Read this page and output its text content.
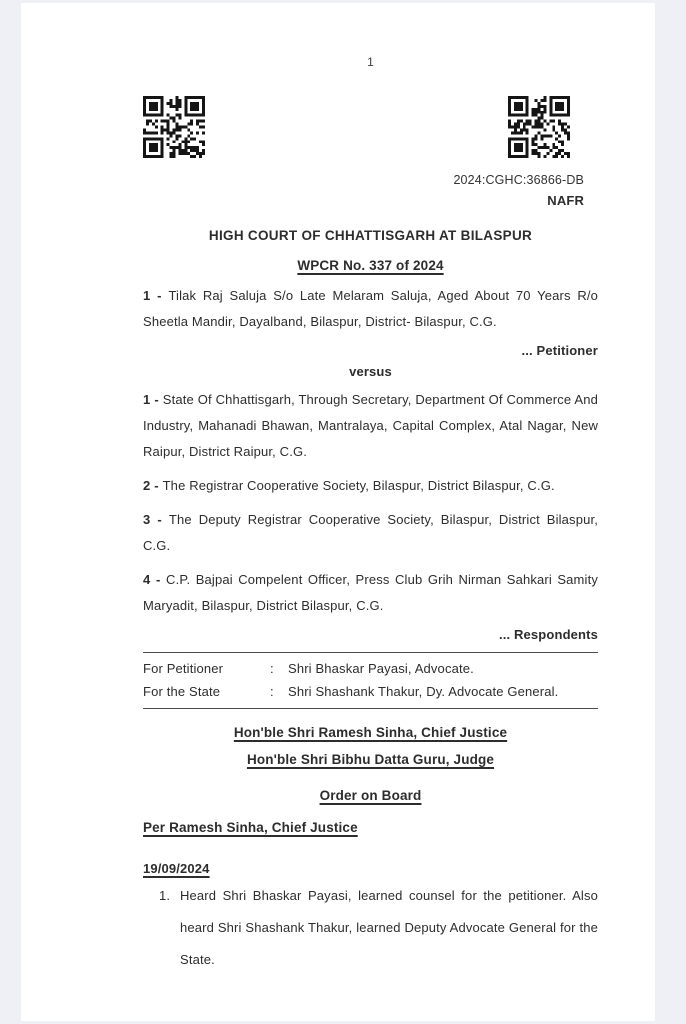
1
2024:CGHC:36866-DB
NAFR
HIGH COURT OF CHHATTISGARH AT BILASPUR
WPCR No. 337 of 2024
1 - Tilak Raj Saluja S/o Late Melaram Saluja, Aged About 70 Years R/o Sheetla Mandir, Dayalband, Bilaspur, District- Bilaspur, C.G.
... Petitioner
versus
1 - State Of Chhattisgarh, Through Secretary, Department Of Commerce And Industry, Mahanadi Bhawan, Mantralaya, Capital Complex, Atal Nagar, New Raipur, District Raipur, C.G.
2 - The Registrar Cooperative Society, Bilaspur, District Bilaspur, C.G.
3 - The Deputy Registrar Cooperative Society, Bilaspur, District Bilaspur, C.G.
4 - C.P. Bajpai Compelent Officer, Press Club Grih Nirman Sahkari Samity Maryadit, Bilaspur, District Bilaspur, C.G.
... Respondents
For Petitioner	:	Shri Bhaskar Payasi, Advocate.
For the State	:	Shri Shashank Thakur, Dy. Advocate General.
Hon'ble Shri Ramesh Sinha, Chief Justice
Hon'ble Shri Bibhu Datta Guru, Judge
Order on Board
Per Ramesh Sinha, Chief Justice
19/09/2024
1. Heard Shri Bhaskar Payasi, learned counsel for the petitioner. Also heard Shri Shashank Thakur, learned Deputy Advocate General for the State.
